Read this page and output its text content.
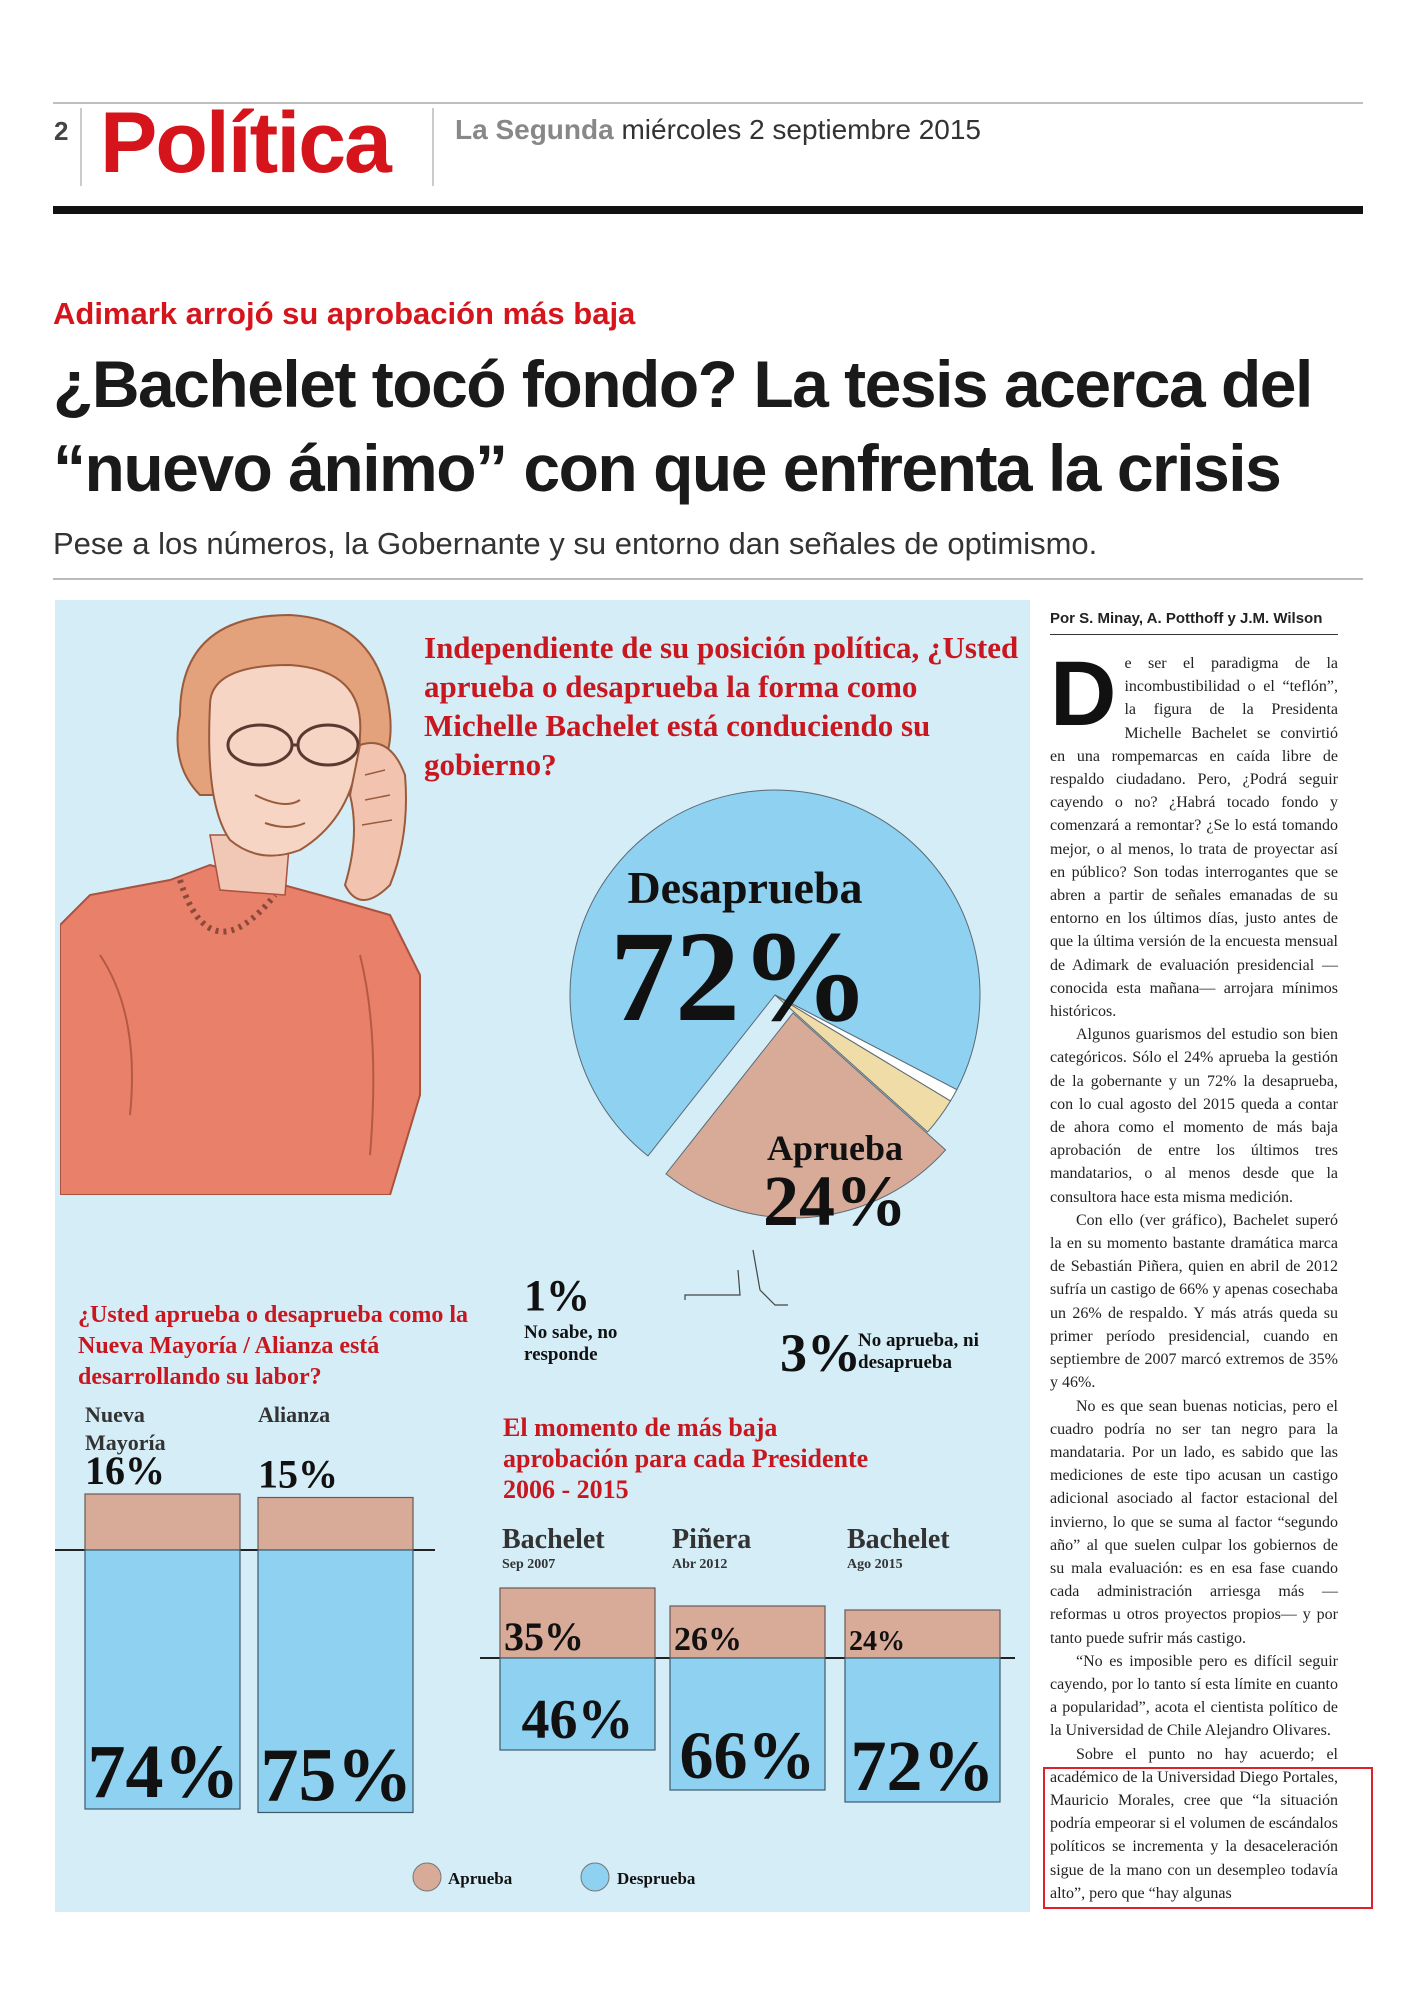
2 Política La Segunda miércoles 2 septiembre 2015
Adimark arrojó su aprobación más baja
¿Bachelet tocó fondo? La tesis acerca del
“nuevo ánimo” con que enfrenta la crisis
Pese a los números, la Gobernante y su entorno dan señales de optimismo.
Independiente de su posición política, ¿Usted aprueba o desaprueba la forma como Michelle Bachelet está conduciendo su gobierno?
Desaprueba
72%
Aprueba
24%
1%
No sabe, no responde	3%
No aprueba, ni desaprueba
¿Usted aprueba o desaprueba como la Nueva Mayoría / Alianza está desarrollando su labor?
El momento de más baja aprobación para cada Presidente 2006 - 2015
Nueva
Mayoría
16%
74%
Alianza
15%
75%
Bachelet
Sep 2007
35%
46%
Piñera
Abr 2012
26%
66%
Bachelet
Ago 2015
24%
72%
Aprueba	Desprueba
Por S. Minay, A. Potthoff y J.M. Wilson

De ser el paradigma de la incombustibilidad o el “teflón”, la figura de la Presidenta Michelle Bachelet se convirtió en una rompemarcas en caída libre de respaldo ciudadano. Pero, ¿Podrá seguir cayendo o no? ¿Habrá tocado fondo y comenzará a remontar? ¿Se lo está tomando mejor, o al menos, lo trata de proyectar así en público? Son todas interrogantes que se abren a partir de señales emanadas de su entorno en los últimos días, justo antes de que la última versión de la encuesta mensual de Adimark de evaluación presidencial —conocida esta mañana— arrojara mínimos históricos.

Algunos guarismos del estudio son bien categóricos. Sólo el 24% aprueba la gestión de la gobernante y un 72% la desaprueba, con lo cual agosto del 2015 queda a contar de ahora como el momento de más baja aprobación de entre los últimos tres mandatarios, o al menos desde que la consultora hace esta misma medición.

Con ello (ver gráfico), Bachelet superó la en su momento bastante dramática marca de Sebastián Piñera, quien en abril de 2012 sufría un castigo de 66% y apenas cosechaba un 26% de respaldo. Y más atrás queda su primer período presidencial, cuando en septiembre de 2007 marcó extremos de 35% y 46%.

No es que sean buenas noticias, pero el cuadro podría no ser tan negro para la mandataria. Por un lado, es sabido que las mediciones de este tipo acusan un castigo adicional asociado al factor estacional del invierno, lo que se suma al factor “segundo año” al que suelen culpar los gobiernos de su mala evaluación: es en esa fase cuando cada administración arriesga más —reformas u otros proyectos propios— y por tanto puede sufrir más castigo.

“No es imposible pero es difícil seguir cayendo, por lo tanto sí esta límite en cuanto a popularidad”, acota el cientista político de la Universidad de Chile Alejandro Olivares.

Sobre el punto no hay acuerdo; el académico de la Universidad Diego Portales, Mauricio Morales, cree que “la situación podría empeorar si el volumen de escándalos políticos se incrementa y la desaceleración sigue de la mano con un desempleo todavía alto”, pero que “hay algunas
